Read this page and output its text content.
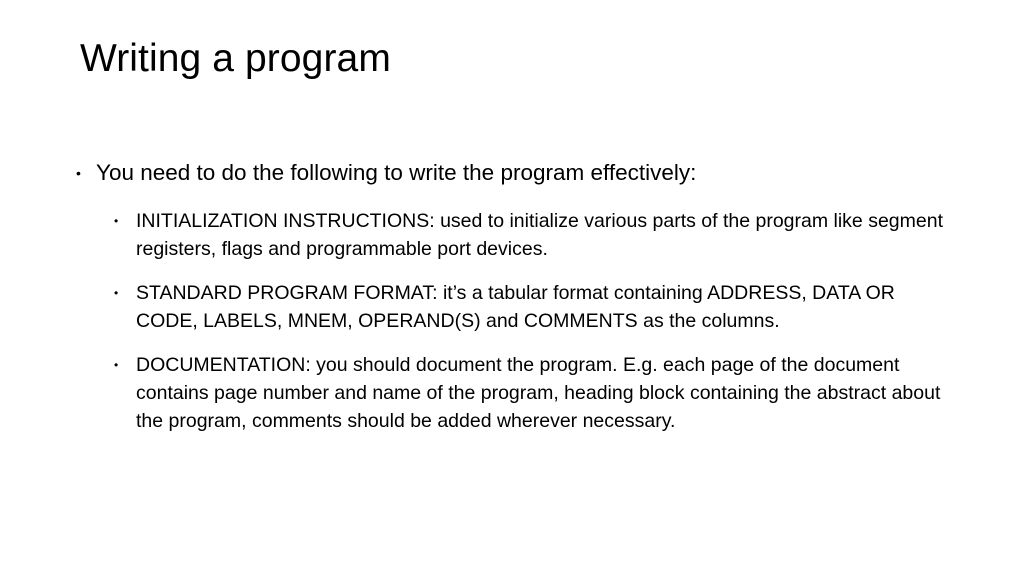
Writing a program
• You need to do the following to write the program effectively:
• INITIALIZATION INSTRUCTIONS: used to initialize various parts of the program like segment registers, flags and programmable port devices.
• STANDARD PROGRAM FORMAT: it’s a tabular format containing ADDRESS, DATA OR CODE, LABELS, MNEM, OPERAND(S) and COMMENTS as the columns.
• DOCUMENTATION: you should document the program. E.g. each page of the document contains page number and name of the program, heading block containing the abstract about the program, comments should be added wherever necessary.
